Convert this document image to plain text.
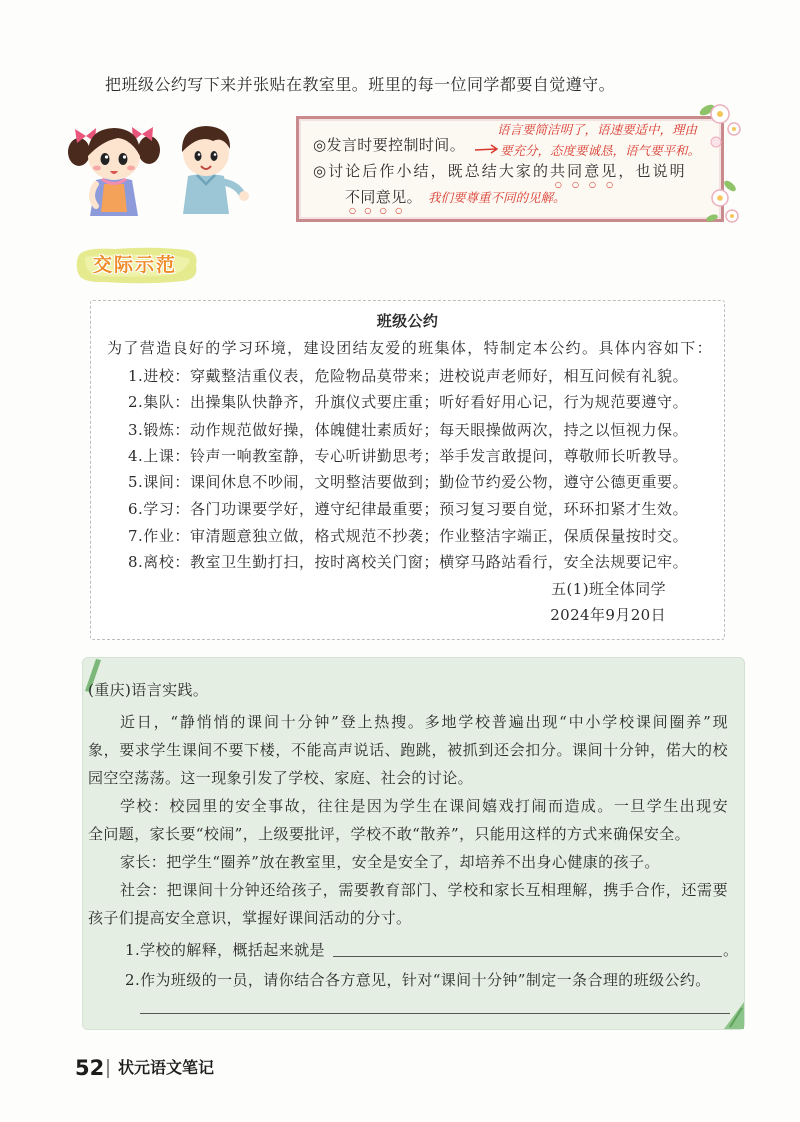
把班级公约写下来并张贴在教室里。班里的每一位同学都要自觉遵守。
◎发言时要控制时间。
语言要简洁明了，语速要适中，理由
要充分，态度要诚恳，语气要平和。
◎讨论后作小结，既总结大家的共同意见，也说明
不同意见。 我们要尊重不同的见解。
交际示范
班级公约
为了营造良好的学习环境，建设团结友爱的班集体，特制定本公约。具体内容如下：
1.进校：穿戴整洁重仪表，危险物品莫带来；进校说声老师好，相互问候有礼貌。
2.集队：出操集队快静齐，升旗仪式要庄重；听好看好用心记，行为规范要遵守。
3.锻炼：动作规范做好操，体魄健壮素质好；每天眼操做两次，持之以恒视力保。
4.上课：铃声一响教室静，专心听讲勤思考；举手发言敢提问，尊敬师长听教导。
5.课间：课间休息不吵闹，文明整洁要做到；勤俭节约爱公物，遵守公德更重要。
6.学习：各门功课要学好，遵守纪律最重要；预习复习要自觉，环环扣紧才生效。
7.作业：审清题意独立做，格式规范不抄袭；作业整洁字端正，保质保量按时交。
8.离校：教室卫生勤打扫，按时离校关门窗；横穿马路站看行，安全法规要记牢。
五(1)班全体同学
2024年9月20日
(重庆)语言实践。
近日，“静悄悄的课间十分钟”登上热搜。多地学校普遍出现“中小学校课间圈养”现
象，要求学生课间不要下楼，不能高声说话、跑跳，被抓到还会扣分。课间十分钟，偌大的校
园空空荡荡。这一现象引发了学校、家庭、社会的讨论。
学校：校园里的安全事故，往往是因为学生在课间嬉戏打闹而造成。一旦学生出现安
全问题，家长要“校闹”，上级要批评，学校不敢“散养”，只能用这样的方式来确保安全。
家长：把学生“圈养”放在教室里，安全是安全了，却培养不出身心健康的孩子。
社会：把课间十分钟还给孩子，需要教育部门、学校和家长互相理解，携手合作，还需要
孩子们提高安全意识，掌握好课间活动的分寸。
1.学校的解释，概括起来就是	。
2.作为班级的一员，请你结合各方意见，针对“课间十分钟”制定一条合理的班级公约。
52 状元语文笔记
